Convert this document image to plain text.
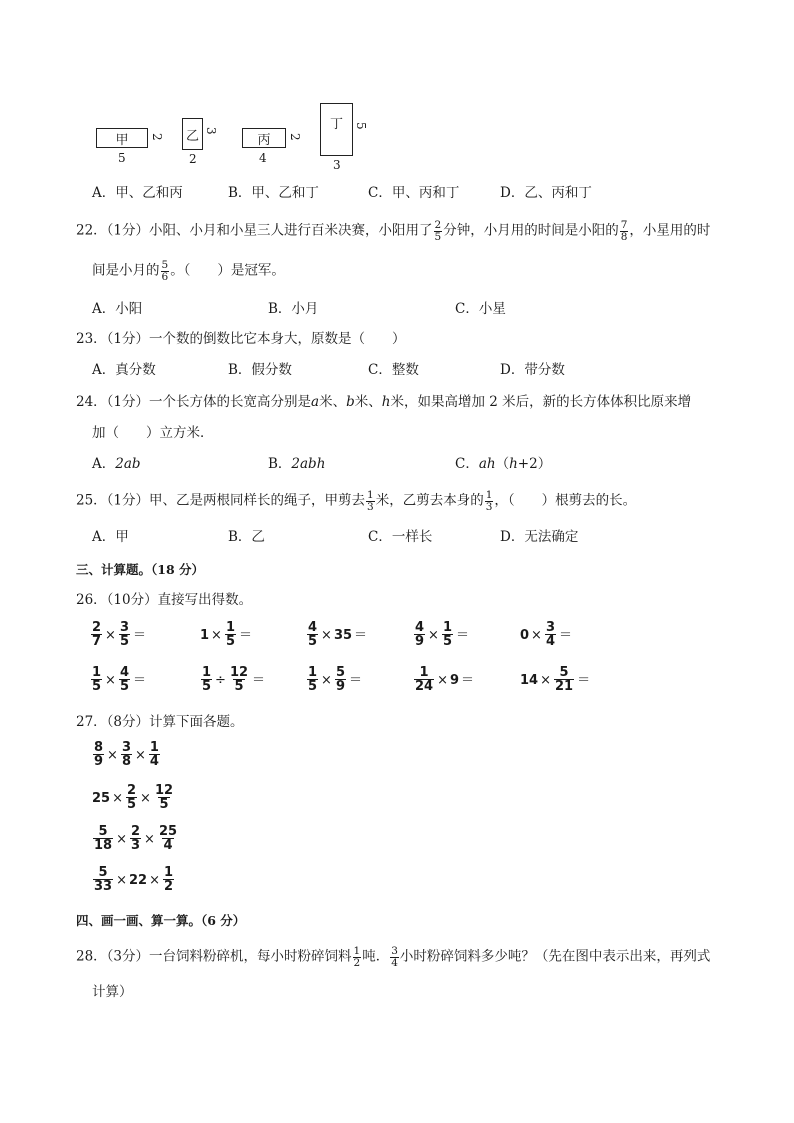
甲
5
2 乙
2
3
丙
4
2
丁
3
5
A．甲、乙和丙	B．甲、乙和丁	C．甲、丙和丁	D．乙、丙和丁
22．（1分）小阳、小月和小星三人进行百米决赛，小阳用了 $\frac{2}{5}$ 分钟，小月用的时间是小阳的 $\frac{7}{8}$ ，小星用的时
间是小月的 $\frac{5}{6}$ 。（　　）是冠军。
A．小阳	B．小月	C．小星
23．（1分）一个数的倒数比它本身大，原数是（　　）
A．真分数	B．假分数	C．整数	D．带分数
24．（1分）一个长方体的长宽高分别是a米、b米、h米，如果高增加 2 米后，新的长方体体积比原来增
加（　　）立方米．
A．2ab	B．2abh	C．ah（h+2）
25．（1分）甲、乙是两根同样长的绳子，甲剪去 $\frac{1}{3}$ 米，乙剪去本身的 $\frac{1}{3}$ ，（　　）根剪去的长。
A．甲	B．乙	C．一样长	D．无法确定
三、计算题。（18 分）
26．（10分）直接写出得数。
$\frac{2}{7} \times \frac{3}{5}$ ＝	$1 \times \frac{1}{5}$ ＝	$\frac{4}{5} \times 35$ ＝	$\frac{4}{9} \times \frac{1}{5}$ ＝	$0 \times \frac{3}{4}$ ＝
$\frac{1}{5} \times \frac{4}{5}$ ＝	$\frac{1}{5} \div \frac{12}{5}$ ＝	$\frac{1}{5} \times \frac{5}{9}$ ＝	$\frac{1}{24} \times 9$ ＝	$14 \times \frac{5}{21}$ ＝
27．（8分）计算下面各题。
$\frac{8}{9} \times \frac{3}{8} \times \frac{1}{4}$
$25 \times \frac{2}{5} \times \frac{12}{5}$
$\frac{5}{18} \times \frac{2}{3} \times \frac{25}{4}$
$\frac{5}{33} \times 22 \times \frac{1}{2}$
四、画一画、算一算。（6 分）
28．（3分）一台饲料粉碎机，每小时粉碎饲料 $\frac{1}{2}$ 吨． $\frac{3}{4}$ 小时粉碎饲料多少吨？（先在图中表示出来，再列式
计算）
